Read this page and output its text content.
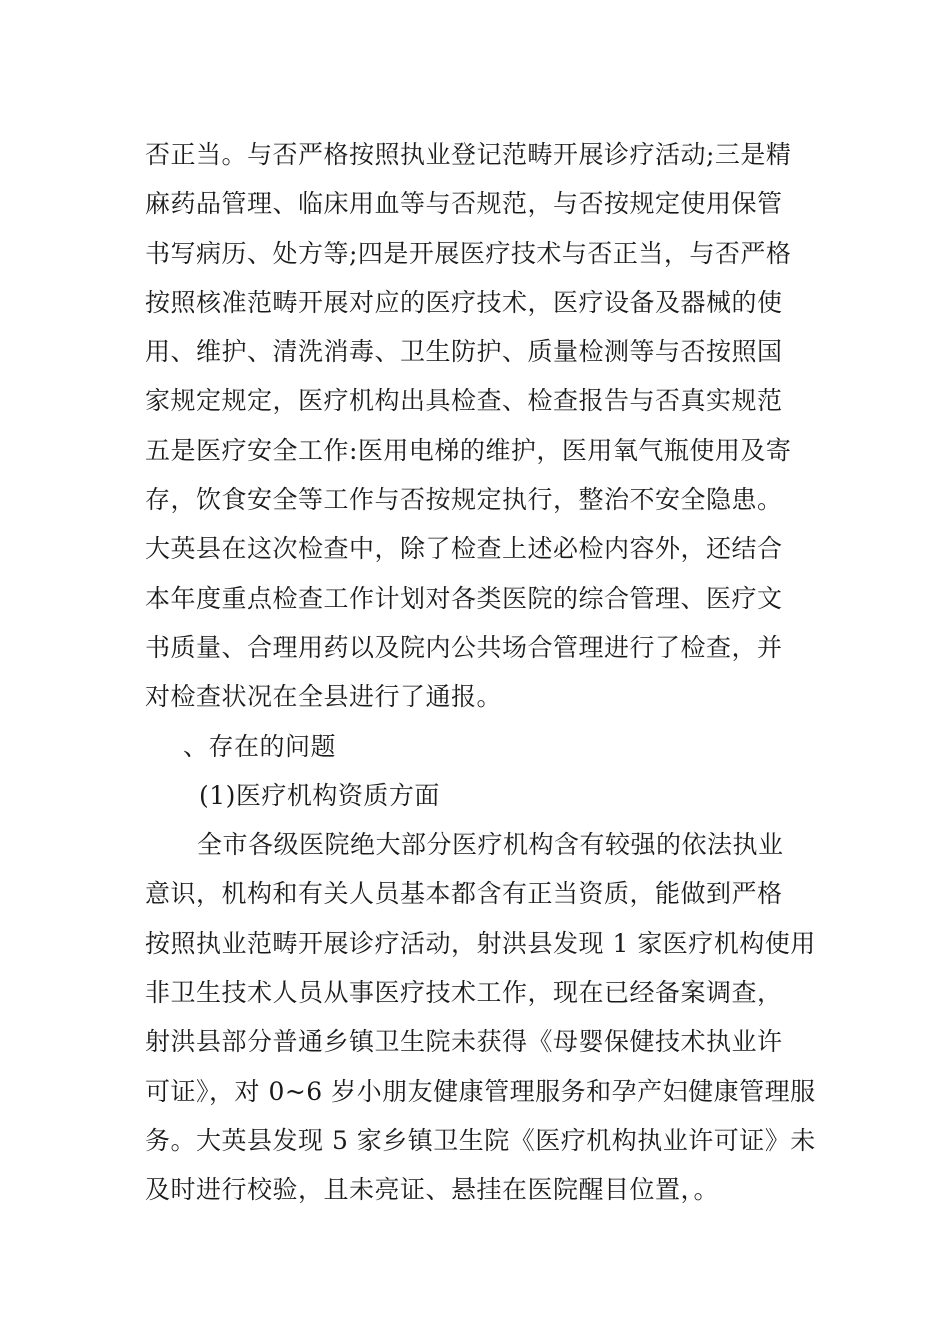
否正当。与否严格按照执业登记范畴开展诊疗活动;三是精
麻药品管理、临床用血等与否规范，与否按规定使用保管
书写病历、处方等;四是开展医疗技术与否正当，与否严格
按照核准范畴开展对应的医疗技术，医疗设备及器械的使
用、维护、清洗消毒、卫生防护、质量检测等与否按照国
家规定规定，医疗机构出具检查、检查报告与否真实规范
五是医疗安全工作:医用电梯的维护，医用氧气瓶使用及寄
存，饮食安全等工作与否按规定执行，整治不安全隐患。
大英县在这次检查中，除了检查上述必检内容外，还结合
本年度重点检查工作计划对各类医院的综合管理、医疗文
书质量、合理用药以及院内公共场合管理进行了检查，并
对检查状况在全县进行了通报。
、存在的问题
(1)医疗机构资质方面
全市各级医院绝大部分医疗机构含有较强的依法执业
意识，机构和有关人员基本都含有正当资质，能做到严格
按照执业范畴开展诊疗活动，射洪县发现 1 家医疗机构使用
非卫生技术人员从事医疗技术工作，现在已经备案调查，
射洪县部分普通乡镇卫生院未获得《母婴保健技术执业许
可证》，对 0~6 岁小朋友健康管理服务和孕产妇健康管理服
务。大英县发现 5 家乡镇卫生院《医疗机构执业许可证》未
及时进行校验，且未亮证、悬挂在医院醒目位置，。
